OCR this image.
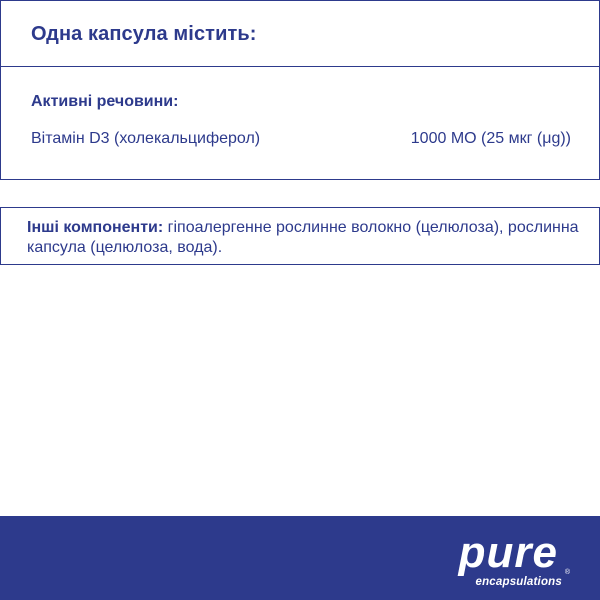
Одна капсула містить:
Активні речовини:
Вітамін D3 (холекальциферол)	1000 МО (25 мкг (μg))
Інші компоненти: гіпоалергенне рослинне волокно (целюлоза), рослинна капсула (целюлоза, вода).
pure ®
encapsulations
